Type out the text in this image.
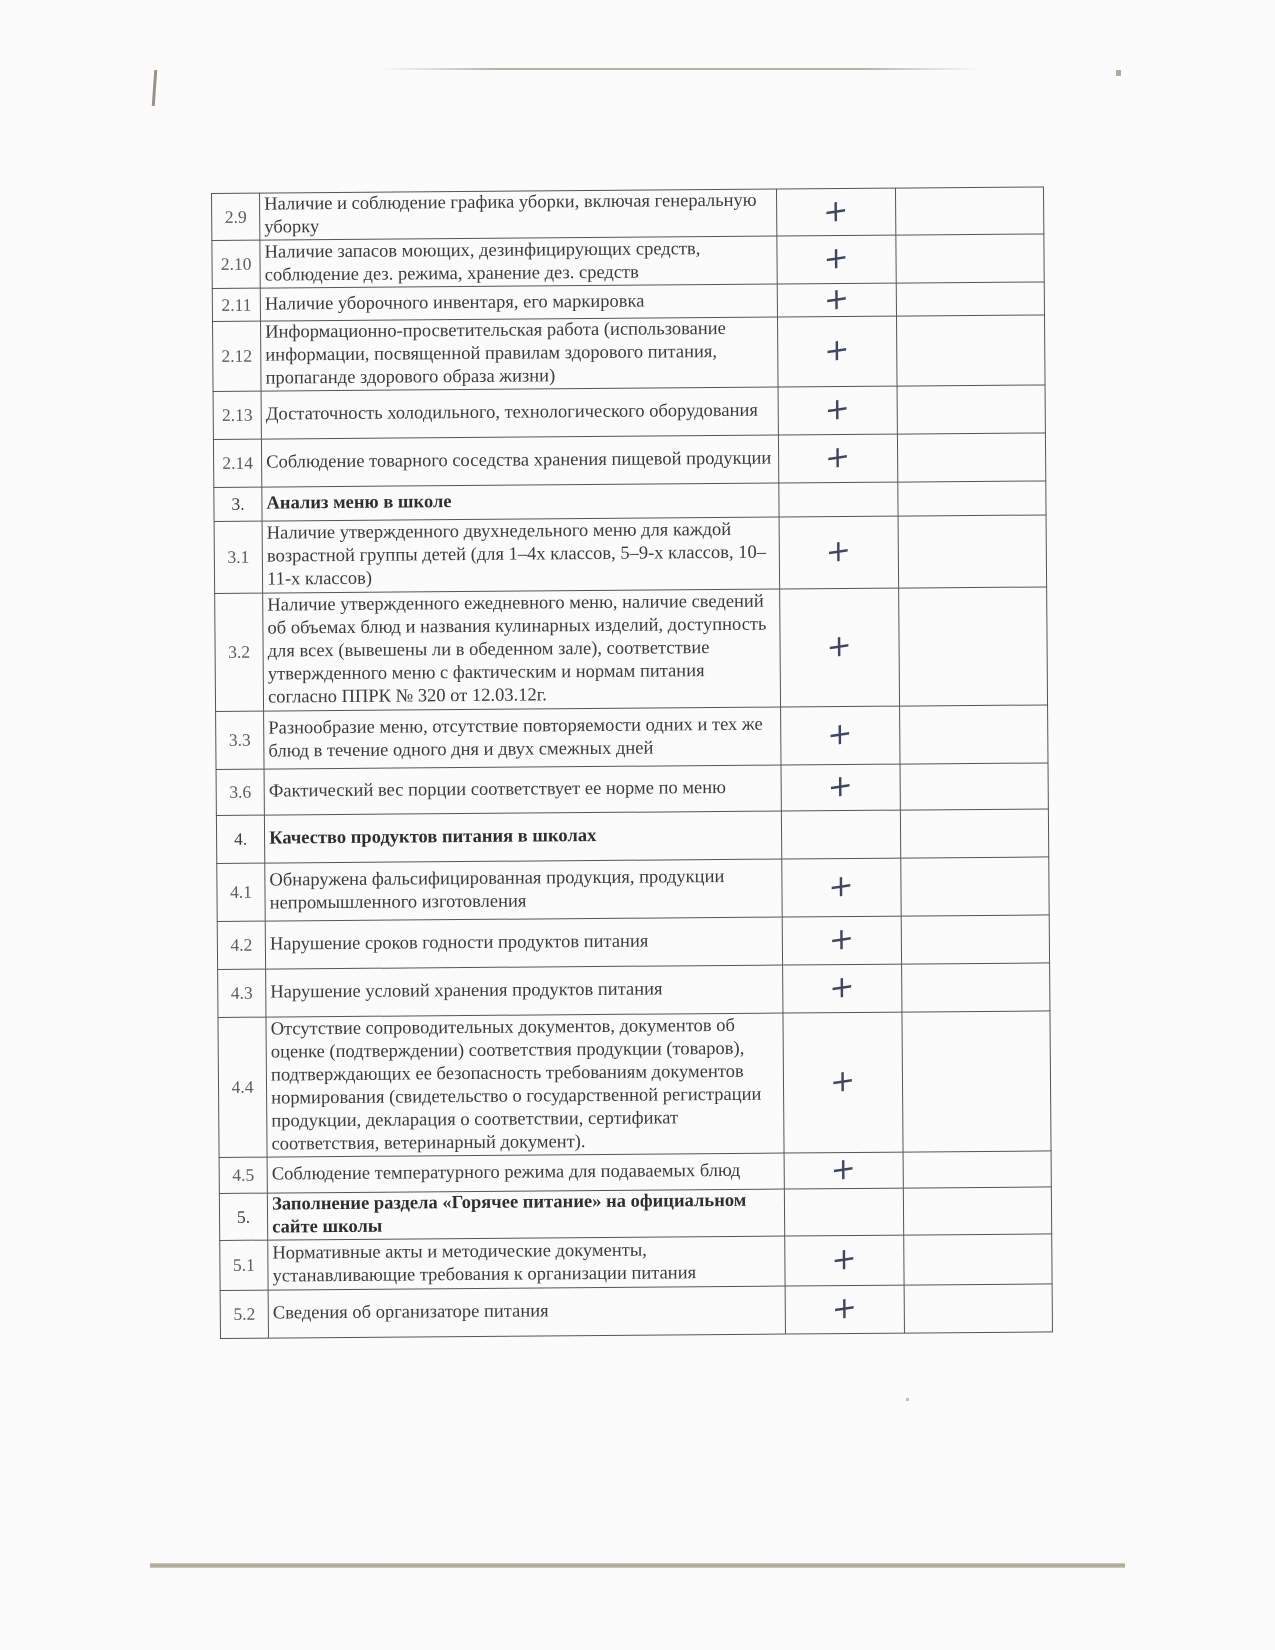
2.9	Наличие и соблюдение графика уборки, включая генеральную уборку	+	
2.10	Наличие запасов моющих, дезинфицирующих средств, соблюдение дез. режима, хранение дез. средств	+	
2.11	Наличие уборочного инвентаря, его маркировка	+	
2.12	Информационно-просветительская работа (использование информации, посвященной правилам здорового питания, пропаганде здорового образа жизни)	+	
2.13	Достаточность холодильного, технологического оборудования	+	
2.14	Соблюдение товарного соседства хранения пищевой продукции	+	
3.	Анализ меню в школе		
3.1	Наличие утвержденного двухнедельного меню для каждой возрастной группы детей (для 1–4х классов, 5–9-х классов, 10–11-х классов)	+	
3.2	Наличие утвержденного ежедневного меню, наличие сведений об объемах блюд и названия кулинарных изделий, доступность для всех (вывешены ли в обеденном зале), соответствие утвержденного меню с фактическим и нормам питания согласно ППРК № 320 от 12.03.12г.	+	
3.3	Разнообразие меню, отсутствие повторяемости одних и тех же блюд в течение одного дня и двух смежных дней	+	
3.6	Фактический вес порции соответствует ее норме по меню	+	
4.	Качество продуктов питания в школах		
4.1	Обнаружена фальсифицированная продукция, продукции непромышленного изготовления	+	
4.2	Нарушение сроков годности продуктов питания	+	
4.3	Нарушение условий хранения продуктов питания	+	
4.4	Отсутствие сопроводительных документов, документов об оценке (подтверждении) соответствия продукции (товаров), подтверждающих ее безопасность требованиям документов нормирования (свидетельство о государственной регистрации продукции, декларация о соответствии, сертификат соответствия, ветеринарный документ).	+	
4.5	Соблюдение температурного режима для подаваемых блюд	+	
5.	Заполнение раздела «Горячее питание» на официальном сайте школы		
5.1	Нормативные акты и методические документы, устанавливающие требования к организации питания	+	
5.2	Сведения об организаторе питания	+	
